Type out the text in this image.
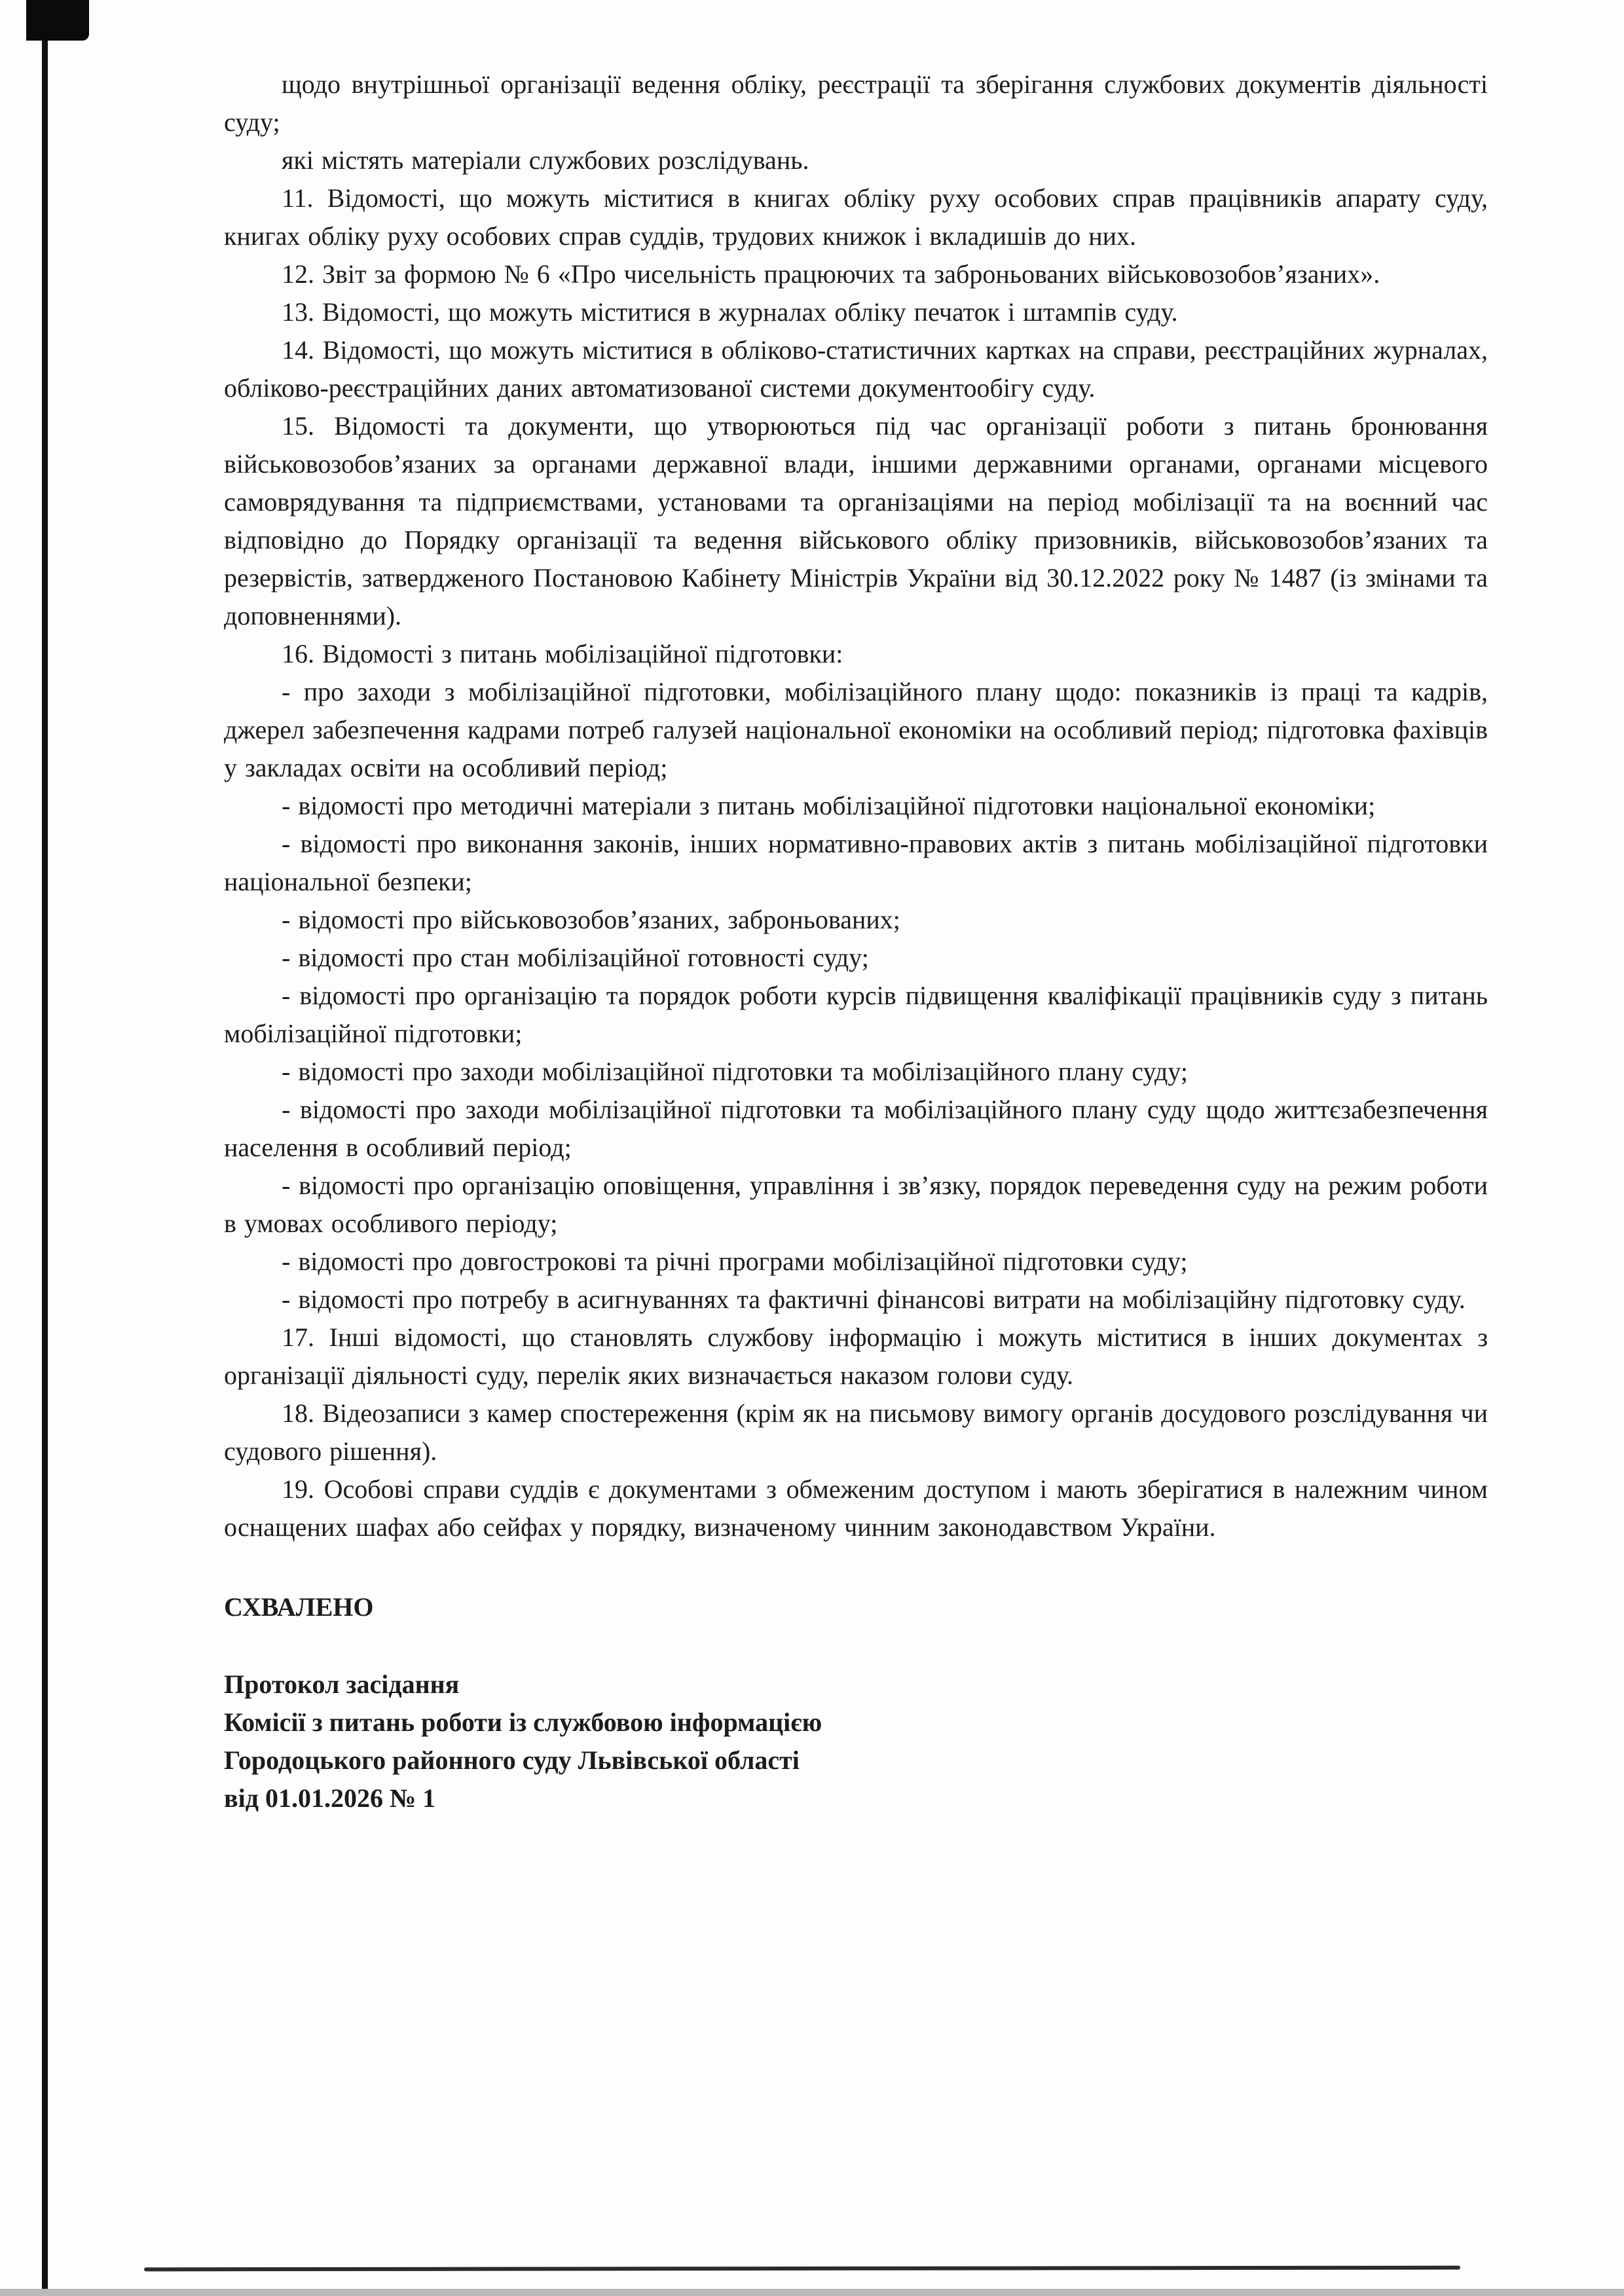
щодо внутрішньої організації ведення обліку, реєстрації та зберігання службових документів діяльності суду;

які містять матеріали службових розслідувань.

11. Відомості, що можуть міститися в книгах обліку руху особових справ працівників апарату суду, книгах обліку руху особових справ суддів, трудових книжок і вкладишів до них.

12. Звіт за формою № 6 «Про чисельність працюючих та заброньованих військовозобов’язаних».

13. Відомості, що можуть міститися в журналах обліку печаток і штампів суду.

14. Відомості, що можуть міститися в обліково-статистичних картках на справи, реєстраційних журналах, обліково-реєстраційних даних автоматизованої системи документообігу суду.

15. Відомості та документи, що утворюються під час організації роботи з питань бронювання військовозобов’язаних за органами державної влади, іншими державними органами, органами місцевого самоврядування та підприємствами, установами та організаціями на період мобілізації та на воєнний час відповідно до Порядку організації та ведення військового обліку призовників, військовозобов’язаних та резервістів, затвердженого Постановою Кабінету Міністрів України від 30.12.2022 року № 1487 (із змінами та доповненнями).

16. Відомості з питань мобілізаційної підготовки:

- про заходи з мобілізаційної підготовки, мобілізаційного плану щодо: показників із праці та кадрів, джерел забезпечення кадрами потреб галузей національної економіки на особливий період; підготовка фахівців у закладах освіти на особливий період;

- відомості про методичні матеріали з питань мобілізаційної підготовки національної економіки;

- відомості про виконання законів, інших нормативно-правових актів з питань мобілізаційної підготовки національної безпеки;

- відомості про військовозобов’язаних, заброньованих;

- відомості про стан мобілізаційної готовності суду;

- відомості про організацію та порядок роботи курсів підвищення кваліфікації працівників суду з питань мобілізаційної підготовки;

- відомості про заходи мобілізаційної підготовки та мобілізаційного плану суду;

- відомості про заходи мобілізаційної підготовки та мобілізаційного плану суду щодо життєзабезпечення населення в особливий період;

- відомості про організацію оповіщення, управління і зв’язку, порядок переведення суду на режим роботи в умовах особливого періоду;

- відомості про довгострокові та річні програми мобілізаційної підготовки суду;

- відомості про потребу в асигнуваннях та фактичні фінансові витрати на мобілізаційну підготовку суду.

17. Інші відомості, що становлять службову інформацію і можуть міститися в інших документах з організації діяльності суду, перелік яких визначається наказом голови суду.

18. Відеозаписи з камер спостереження (крім як на письмову вимогу органів досудового розслідування чи судового рішення).

19. Особові справи суддів є документами з обмеженим доступом і мають зберігатися в належним чином оснащених шафах або сейфах у порядку, визначеному чинним законодавством України.

СХВАЛЕНО

Протокол засідання

Комісії з питань роботи із службовою інформацією

Городоцького районного суду Львівської області

від 01.01.2026 № 1
